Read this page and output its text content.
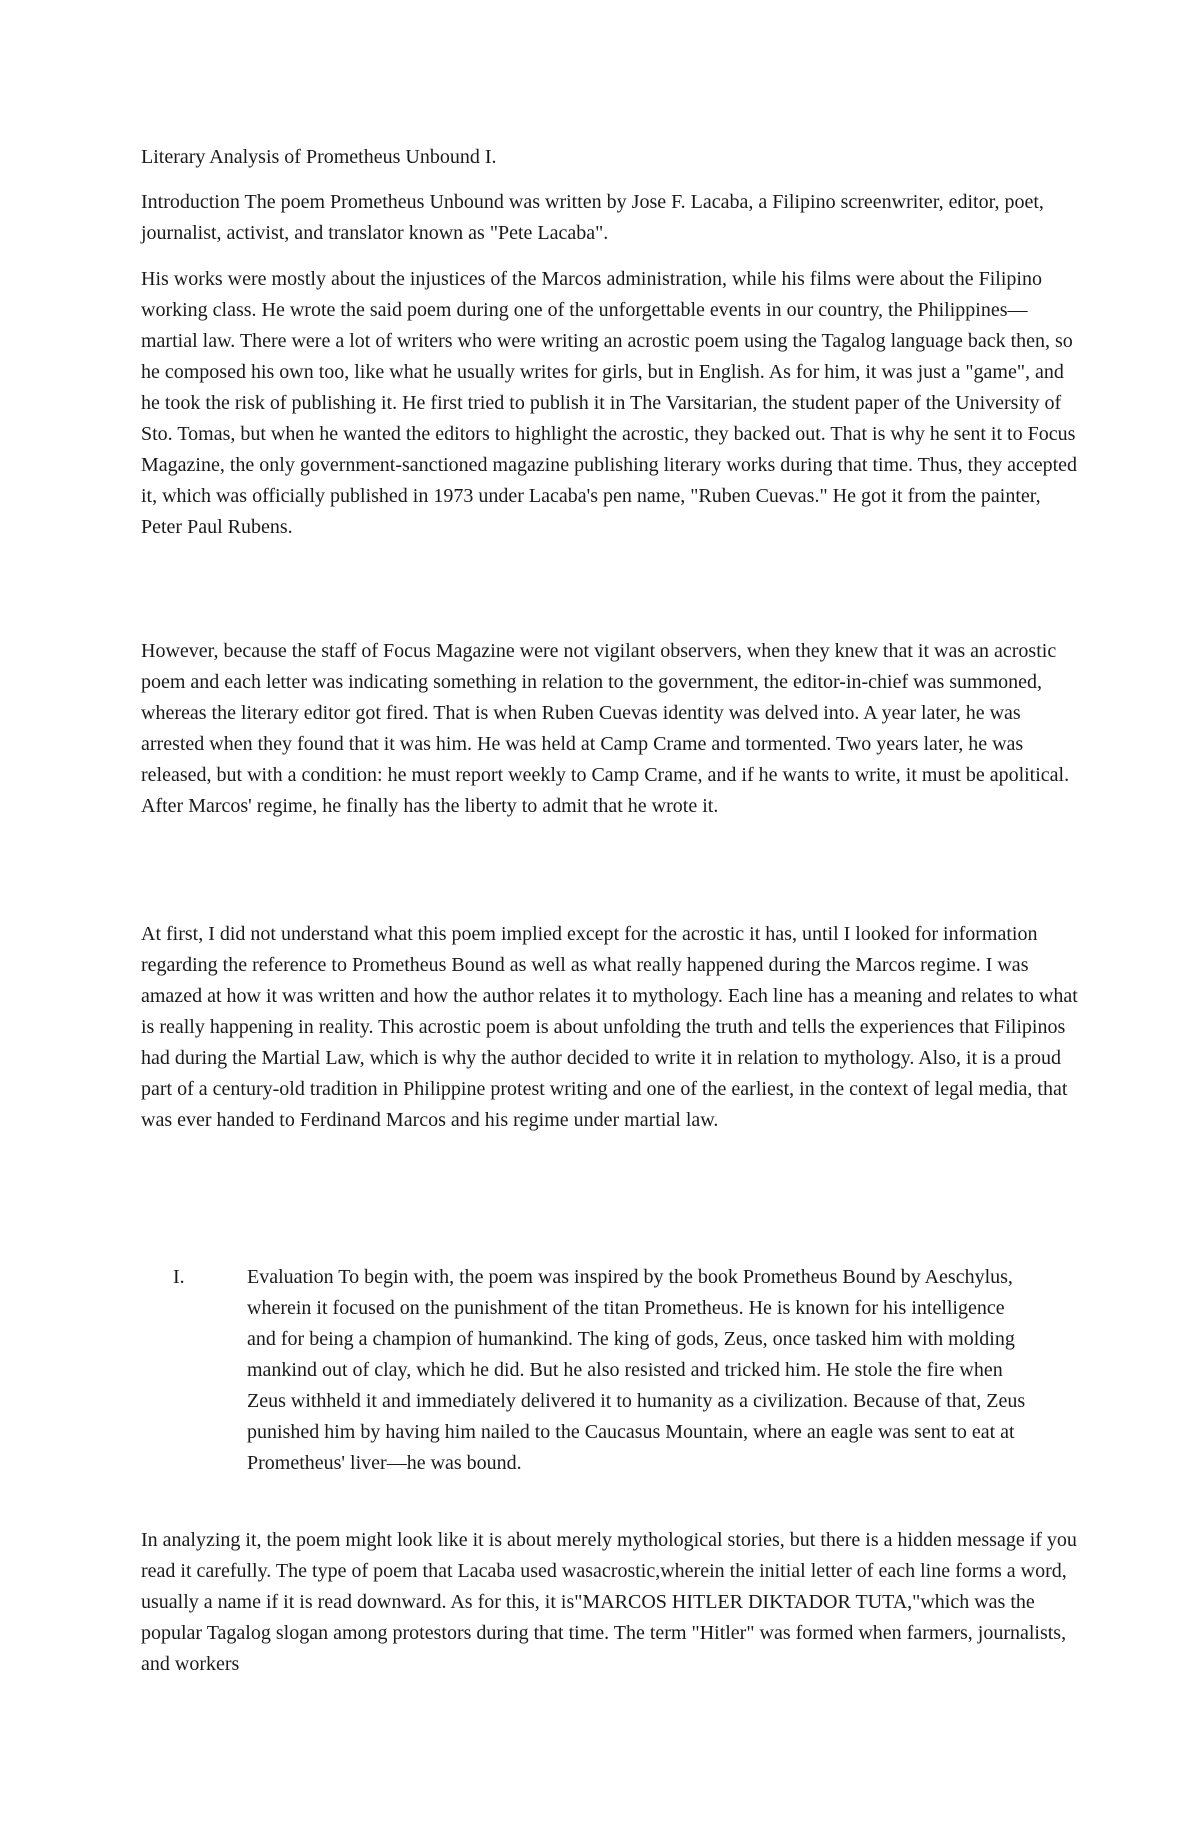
Literary Analysis of Prometheus Unbound I.

Introduction The poem Prometheus Unbound was written by Jose F. Lacaba, a Filipino screenwriter, editor, poet, journalist, activist, and translator known as "Pete Lacaba".

His works were mostly about the injustices of the Marcos administration, while his films were about the Filipino working class. He wrote the said poem during one of the unforgettable events in our country, the Philippines—martial law. There were a lot of writers who were writing an acrostic poem using the Tagalog language back then, so he composed his own too, like what he usually writes for girls, but in English. As for him, it was just a "game", and he took the risk of publishing it. He first tried to publish it in The Varsitarian, the student paper of the University of Sto. Tomas, but when he wanted the editors to highlight the acrostic, they backed out. That is why he sent it to Focus Magazine, the only government-sanctioned magazine publishing literary works during that time. Thus, they accepted it, which was officially published in 1973 under Lacaba's pen name, "Ruben Cuevas." He got it from the painter, Peter Paul Rubens.

However, because the staff of Focus Magazine were not vigilant observers, when they knew that it was an acrostic poem and each letter was indicating something in relation to the government, the editor-in-chief was summoned, whereas the literary editor got fired. That is when Ruben Cuevas identity was delved into. A year later, he was arrested when they found that it was him. He was held at Camp Crame and tormented. Two years later, he was released, but with a condition: he must report weekly to Camp Crame, and if he wants to write, it must be apolitical. After Marcos' regime, he finally has the liberty to admit that he wrote it.

At first, I did not understand what this poem implied except for the acrostic it has, until I looked for information regarding the reference to Prometheus Bound as well as what really happened during the Marcos regime. I was amazed at how it was written and how the author relates it to mythology. Each line has a meaning and relates to what is really happening in reality. This acrostic poem is about unfolding the truth and tells the experiences that Filipinos had during the Martial Law, which is why the author decided to write it in relation to mythology. Also, it is a proud part of a century-old tradition in Philippine protest writing and one of the earliest, in the context of legal media, that was ever handed to Ferdinand Marcos and his regime under martial law.

I.	Evaluation To begin with, the poem was inspired by the book Prometheus Bound by Aeschylus, wherein it focused on the punishment of the titan Prometheus. He is known for his intelligence and for being a champion of humankind. The king of gods, Zeus, once tasked him with molding mankind out of clay, which he did. But he also resisted and tricked him. He stole the fire when Zeus withheld it and immediately delivered it to humanity as a civilization. Because of that, Zeus punished him by having him nailed to the Caucasus Mountain, where an eagle was sent to eat at Prometheus' liver—he was bound.

In analyzing it, the poem might look like it is about merely mythological stories, but there is a hidden message if you read it carefully. The type of poem that Lacaba used wasacrostic,wherein the initial letter of each line forms a word, usually a name if it is read downward. As for this, it is"MARCOS HITLER DIKTADOR TUTA,"which was the popular Tagalog slogan among protestors during that time. The term "Hitler" was formed when farmers, journalists, and workers
